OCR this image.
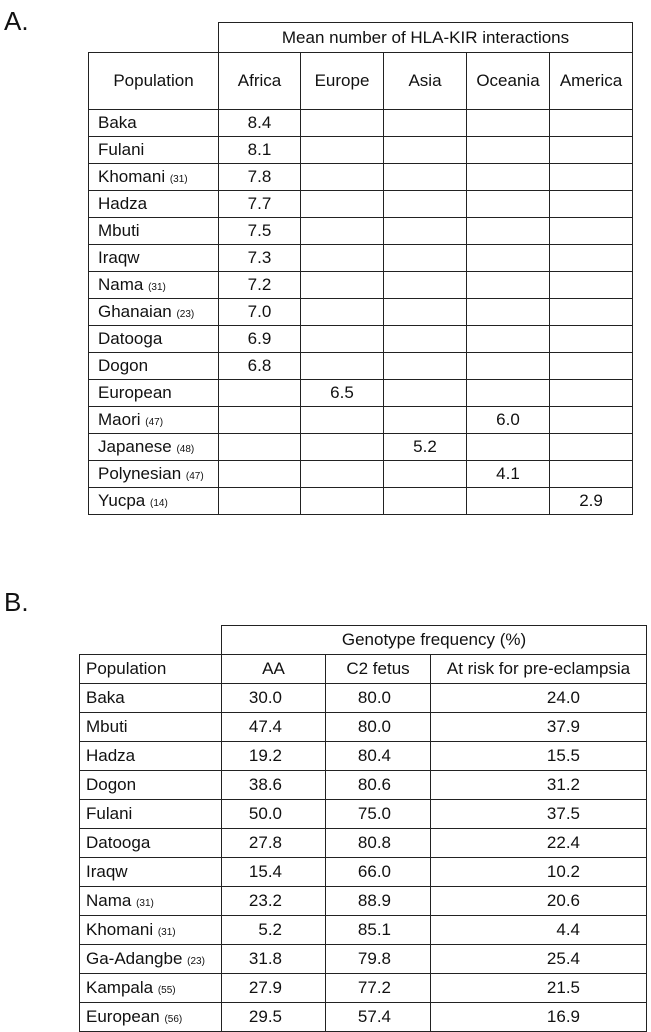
A.
	Mean number of HLA-KIR interactions				
Population	Africa	Europe	Asia	Oceania	America
Baka	8.4				
Fulani	8.1				
Khomani (31)	7.8				
Hadza	7.7				
Mbuti	7.5				
Iraqw	7.3				
Nama (31)	7.2				
Ghanaian (23)	7.0				
Datooga	6.9				
Dogon	6.8				
European		6.5			
Maori (47)				6.0	
Japanese (48)			5.2		
Polynesian (47)				4.1	
Yucpa (14)					2.9
B.
	Genotype frequency (%)		
Population	AA	C2 fetus	At risk for pre-eclampsia
Baka	30.0	80.0	24.0
Mbuti	47.4	80.0	37.9
Hadza	19.2	80.4	15.5
Dogon	38.6	80.6	31.2
Fulani	50.0	75.0	37.5
Datooga	27.8	80.8	22.4
Iraqw	15.4	66.0	10.2
Nama (31)	23.2	88.9	20.6
Khomani (31)	5.2	85.1	4.4
Ga-Adangbe (23)	31.8	79.8	25.4
Kampala (55)	27.9	77.2	21.5
European (56)	29.5	57.4	16.9
